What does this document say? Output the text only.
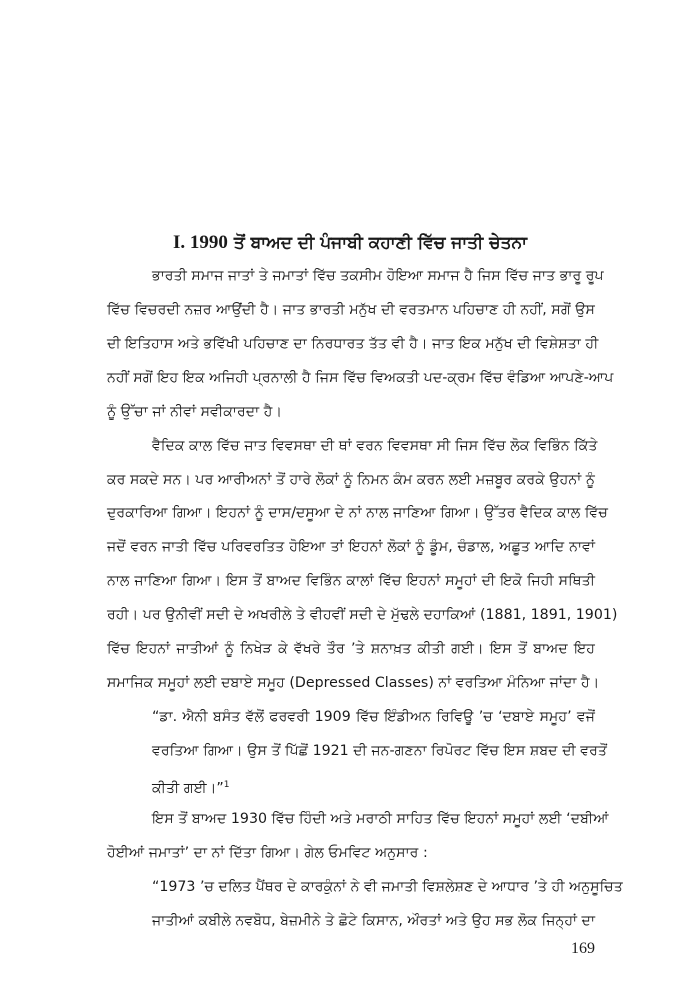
I. 1990 ਤੋਂ ਬਾਅਦ ਦੀ ਪੰਜਾਬੀ ਕਹਾਣੀ ਵਿੱਚ ਜਾਤੀ ਚੇਤਨਾ
ਭਾਰਤੀ ਸਮਾਜ ਜਾਤਾਂ ਤੇ ਜਮਾਤਾਂ ਵਿੱਚ ਤਕਸੀਮ ਹੋਇਆ ਸਮਾਜ ਹੈ ਜਿਸ ਵਿੱਚ ਜਾਤ ਭਾਰੂ ਰੂਪ
ਵਿੱਚ ਵਿਚਰਦੀ ਨਜ਼ਰ ਆਉਂਦੀ ਹੈ। ਜਾਤ ਭਾਰਤੀ ਮਨੁੱਖ ਦੀ ਵਰਤਮਾਨ ਪਹਿਚਾਣ ਹੀ ਨਹੀਂ, ਸਗੋਂ ਉਸ
ਦੀ ਇਤਿਹਾਸ ਅਤੇ ਭਵਿੱਖੀ ਪਹਿਚਾਣ ਦਾ ਨਿਰਧਾਰਤ ਤੱਤ ਵੀ ਹੈ। ਜਾਤ ਇਕ ਮਨੁੱਖ ਦੀ ਵਿਸ਼ੇਸ਼ਤਾ ਹੀ
ਨਹੀਂ ਸਗੋਂ ਇਹ ਇਕ ਅਜਿਹੀ ਪ੍ਰਨਾਲੀ ਹੈ ਜਿਸ ਵਿੱਚ ਵਿਅਕਤੀ ਪਦ-ਕ੍ਰਮ ਵਿੱਚ ਵੰਡਿਆ ਆਪਣੇ-ਆਪ
ਨੂੰ ਉੱਚਾ ਜਾਂ ਨੀਵਾਂ ਸਵੀਕਾਰਦਾ ਹੈ।
ਵੈਦਿਕ ਕਾਲ ਵਿੱਚ ਜਾਤ ਵਿਵਸਥਾ ਦੀ ਥਾਂ ਵਰਨ ਵਿਵਸਥਾ ਸੀ ਜਿਸ ਵਿੱਚ ਲੋਕ ਵਿਭਿੰਨ ਕਿੱਤੇ
ਕਰ ਸਕਦੇ ਸਨ। ਪਰ ਆਰੀਅਨਾਂ ਤੋਂ ਹਾਰੇ ਲੋਕਾਂ ਨੂੰ ਨਿਮਨ ਕੰਮ ਕਰਨ ਲਈ ਮਜ਼ਬੂਰ ਕਰਕੇ ਉਹਨਾਂ ਨੂੰ
ਦੁਰਕਾਰਿਆ ਗਿਆ। ਇਹਨਾਂ ਨੂੰ ਦਾਸ/ਦਸੂਆ ਦੇ ਨਾਂ ਨਾਲ ਜਾਣਿਆ ਗਿਆ। ਉੱਤਰ ਵੈਦਿਕ ਕਾਲ ਵਿੱਚ
ਜਦੋਂ ਵਰਨ ਜਾਤੀ ਵਿੱਚ ਪਰਿਵਰਤਿਤ ਹੋਇਆ ਤਾਂ ਇਹਨਾਂ ਲੋਕਾਂ ਨੂੰ ਡੂੰਮ, ਚੰਡਾਲ, ਅਛੂਤ ਆਦਿ ਨਾਵਾਂ
ਨਾਲ ਜਾਣਿਆ ਗਿਆ। ਇਸ ਤੋਂ ਬਾਅਦ ਵਿਭਿੰਨ ਕਾਲਾਂ ਵਿੱਚ ਇਹਨਾਂ ਸਮੂਹਾਂ ਦੀ ਇਕੋ ਜਿਹੀ ਸਥਿਤੀ
ਰਹੀ। ਪਰ ਉਨੀਵੀਂ ਸਦੀ ਦੇ ਅਖਰੀਲੇ ਤੇ ਵੀਹਵੀਂ ਸਦੀ ਦੇ ਮੁੱਢਲੇ ਦਹਾਕਿਆਂ (1881, 1891, 1901)
ਵਿੱਚ ਇਹਨਾਂ ਜਾਤੀਆਂ ਨੂੰ ਨਿਖੇੜ ਕੇ ਵੱਖਰੇ ਤੌਰ ’ਤੇ ਸ਼ਨਾਖ਼ਤ ਕੀਤੀ ਗਈ। ਇਸ ਤੋਂ ਬਾਅਦ ਇਹ
ਸਮਾਜਿਕ ਸਮੂਹਾਂ ਲਈ ਦਬਾਏ ਸਮੂਹ (Depressed Classes) ਨਾਂ ਵਰਤਿਆ ਮੰਨਿਆ ਜਾਂਦਾ ਹੈ।
“ਡਾ. ਐਨੀ ਬਸੰਤ ਵੱਲੋਂ ਫਰਵਰੀ 1909 ਵਿੱਚ ਇੰਡੀਅਨ ਰਿਵਿਊ ’ਚ ‘ਦਬਾਏ ਸਮੂਹ’ ਵਜੋਂ
ਵਰਤਿਆ ਗਿਆ। ਉਸ ਤੋਂ ਪਿੱਛੋਂ 1921 ਦੀ ਜਨ-ਗਣਨਾ ਰਿਪੋਰਟ ਵਿੱਚ ਇਸ ਸ਼ਬਦ ਦੀ ਵਰਤੋਂ
ਕੀਤੀ ਗਈ।”$^1$
ਇਸ ਤੋਂ ਬਾਅਦ 1930 ਵਿੱਚ ਹਿੰਦੀ ਅਤੇ ਮਰਾਠੀ ਸਾਹਿਤ ਵਿੱਚ ਇਹਨਾਂ ਸਮੂਹਾਂ ਲਈ ‘ਦਬੀਆਂ
ਹੋਈਆਂ ਜਮਾਤਾਂ’ ਦਾ ਨਾਂ ਦਿੱਤਾ ਗਿਆ। ਗੇਲ ਓਮਵਿਟ ਅਨੁਸਾਰ :
“1973 ’ਚ ਦਲਿਤ ਪੈਂਥਰ ਦੇ ਕਾਰਕੁੰਨਾਂ ਨੇ ਵੀ ਜਮਾਤੀ ਵਿਸ਼ਲੇਸ਼ਣ ਦੇ ਆਧਾਰ ’ਤੇ ਹੀ ਅਨੁਸੂਚਿਤ
ਜਾਤੀਆਂ ਕਬੀਲੇ ਨਵਬੋਧ, ਬੇਜ਼ਮੀਨੇ ਤੇ ਛੋਟੇ ਕਿਸਾਨ, ਔਰਤਾਂ ਅਤੇ ਉਹ ਸਭ ਲੋਕ ਜਿਨ੍ਹਾਂ ਦਾ
169
